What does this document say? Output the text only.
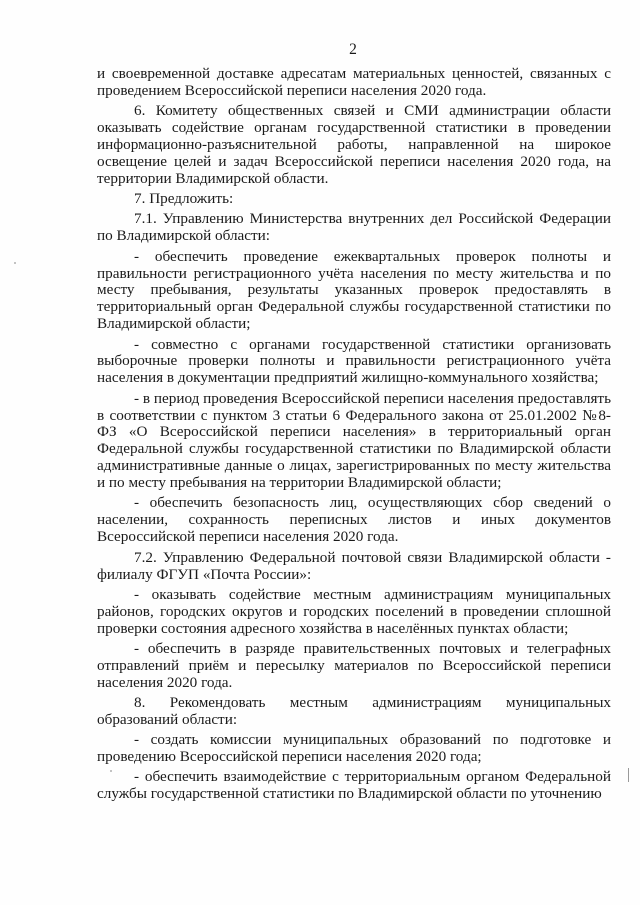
2

и своевременной доставке адресатам материальных ценностей, связанных с проведением Всероссийской переписи населения 2020 года.

6. Комитету общественных связей и СМИ администрации области оказывать содействие органам государственной статистики в проведении информационно-разъяснительной работы, направленной на широкое освещение целей и задач Всероссийской переписи населения 2020 года, на территории Владимирской области.

7. Предложить:

7.1. Управлению Министерства внутренних дел Российской Федерации по Владимирской области:

- обеспечить проведение ежеквартальных проверок полноты и правильности регистрационного учёта населения по месту жительства и по месту пребывания, результаты указанных проверок предоставлять в территориальный орган Федеральной службы государственной статистики по Владимирской области;

- совместно с органами государственной статистики организовать выборочные проверки полноты и правильности регистрационного учёта населения в документации предприятий жилищно-коммунального хозяйства;

- в период проведения Всероссийской переписи населения предоставлять в соответствии с пунктом 3 статьи 6 Федерального закона от 25.01.2002 №8-ФЗ «О Всероссийской переписи населения» в территориальный орган Федеральной службы государственной статистики по Владимирской области административные данные о лицах, зарегистрированных по месту жительства и по месту пребывания на территории Владимирской области;

- обеспечить безопасность лиц, осуществляющих сбор сведений о населении, сохранность переписных листов и иных документов Всероссийской переписи населения 2020 года.

7.2. Управлению Федеральной почтовой связи Владимирской области - филиалу ФГУП «Почта России»:

- оказывать содействие местным администрациям муниципальных районов, городских округов и городских поселений в проведении сплошной проверки состояния адресного хозяйства в населённых пунктах области;

- обеспечить в разряде правительственных почтовых и телеграфных отправлений приём и пересылку материалов по Всероссийской переписи населения 2020 года.

8. Рекомендовать местным администрациям муниципальных образований области:

- создать комиссии муниципальных образований по подготовке и проведению Всероссийской переписи населения 2020 года;

- обеспечить взаимодействие с территориальным органом Федеральной службы государственной статистики по Владимирской области по уточнению
